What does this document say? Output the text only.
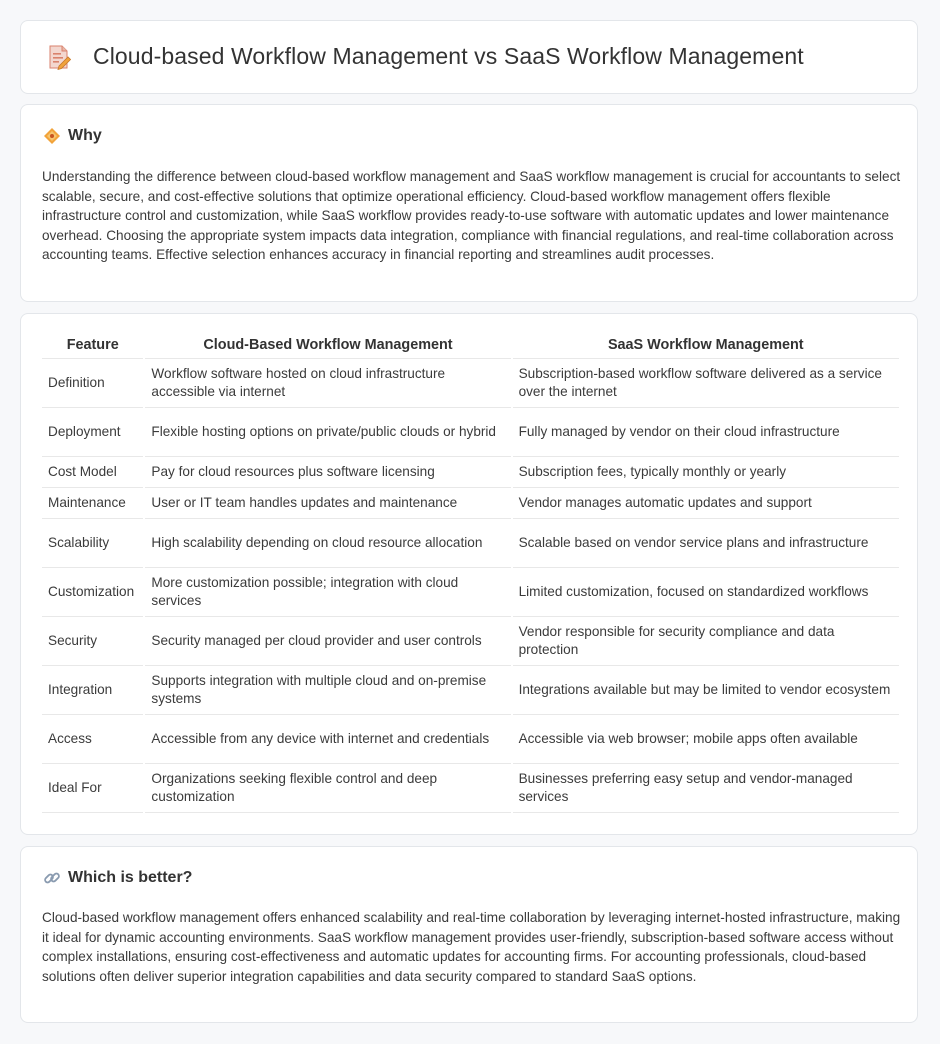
Cloud-based Workflow Management vs SaaS Workflow Management
Why

Understanding the difference between cloud-based workflow management and SaaS workflow management is crucial for accountants to select scalable, secure, and cost-effective solutions that optimize operational efficiency. Cloud-based workflow management offers flexible infrastructure control and customization, while SaaS workflow provides ready-to-use software with automatic updates and lower maintenance overhead. Choosing the appropriate system impacts data integration, compliance with financial regulations, and real-time collaboration across accounting teams. Effective selection enhances accuracy in financial reporting and streamlines audit processes.

Feature	Cloud-Based Workflow Management	SaaS Workflow Management
Definition	Workflow software hosted on cloud infrastructure accessible via internet	Subscription-based workflow software delivered as a service over the internet
Deployment	Flexible hosting options on private/public clouds or hybrid	Fully managed by vendor on their cloud infrastructure
Cost Model	Pay for cloud resources plus software licensing	Subscription fees, typically monthly or yearly
Maintenance	User or IT team handles updates and maintenance	Vendor manages automatic updates and support
Scalability	High scalability depending on cloud resource allocation	Scalable based on vendor service plans and infrastructure
Customization	More customization possible; integration with cloud services	Limited customization, focused on standardized workflows
Security	Security managed per cloud provider and user controls	Vendor responsible for security compliance and data protection
Integration	Supports integration with multiple cloud and on-premise systems	Integrations available but may be limited to vendor ecosystem
Access	Accessible from any device with internet and credentials	Accessible via web browser; mobile apps often available
Ideal For	Organizations seeking flexible control and deep customization	Businesses preferring easy setup and vendor-managed services
Which is better?

Cloud-based workflow management offers enhanced scalability and real-time collaboration by leveraging internet-hosted infrastructure, making it ideal for dynamic accounting environments. SaaS workflow management provides user-friendly, subscription-based software access without complex installations, ensuring cost-effectiveness and automatic updates for accounting firms. For accounting professionals, cloud-based solutions often deliver superior integration capabilities and data security compared to standard SaaS options.
